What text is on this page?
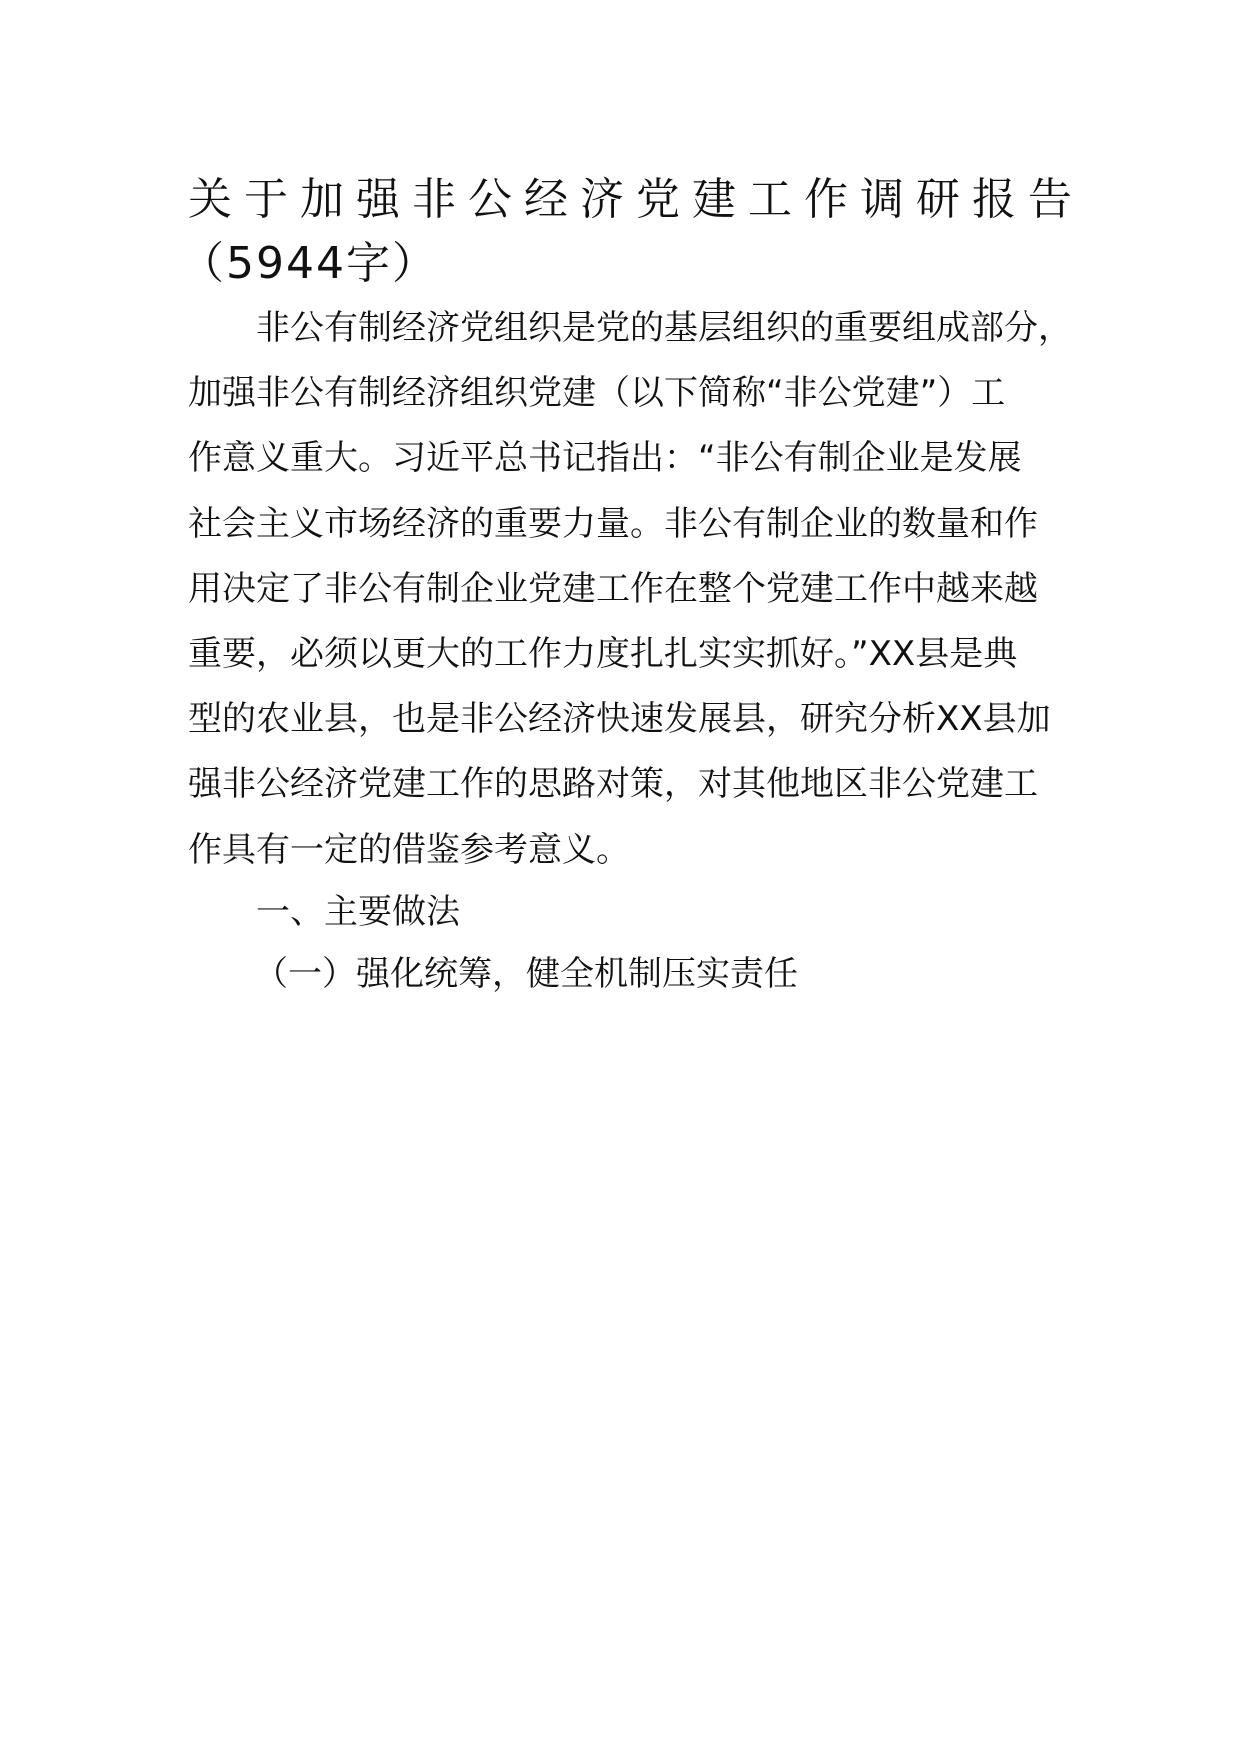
关于加强非公经济党建工作调研报告
（5944字）
非公有制经济党组织是党的基层组织的重要组成部分，
加强非公有制经济组织党建（以下简称“非公党建”）工
作意义重大。习近平总书记指出：“非公有制企业是发展
社会主义市场经济的重要力量。非公有制企业的数量和作
用决定了非公有制企业党建工作在整个党建工作中越来越
重要，必须以更大的工作力度扎扎实实抓好。”XX县是典
型的农业县，也是非公经济快速发展县，研究分析XX县加
强非公经济党建工作的思路对策，对其他地区非公党建工
作具有一定的借鉴参考意义。
一、主要做法
（一）强化统筹，健全机制压实责任
